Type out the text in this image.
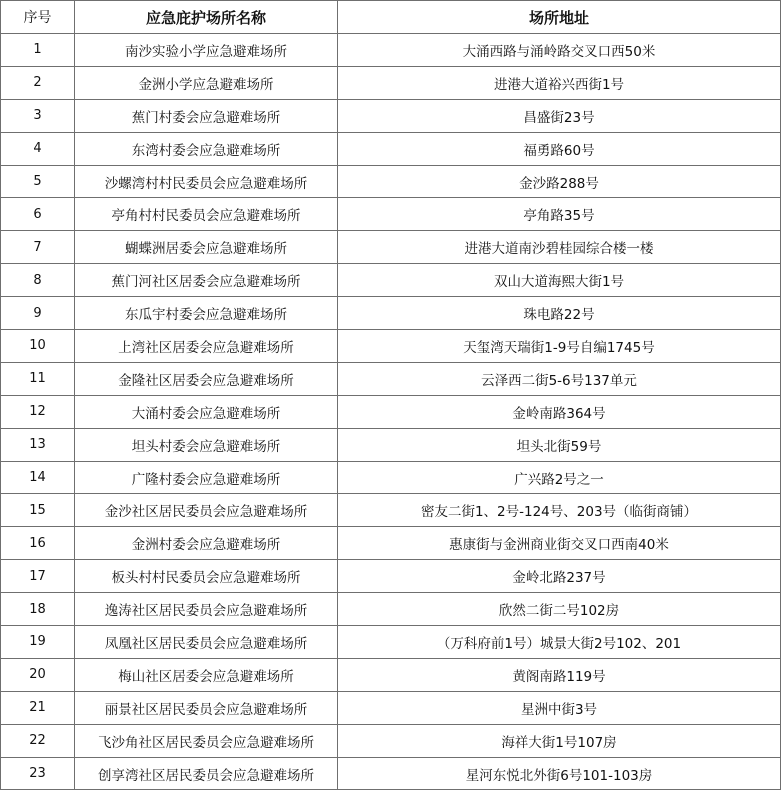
序号	应急庇护场所名称	场所地址
1	南沙实验小学应急避难场所	大涌西路与涌岭路交叉口西50米
2	金洲小学应急避难场所	进港大道裕兴西街1号
3	蕉门村委会应急避难场所	昌盛街23号
4	东湾村委会应急避难场所	福勇路60号
5	沙螺湾村村民委员会应急避难场所	金沙路288号
6	亭角村村民委员会应急避难场所	亭角路35号
7	蝴蝶洲居委会应急避难场所	进港大道南沙碧桂园综合楼一楼
8	蕉门河社区居委会应急避难场所	双山大道海熙大街1号
9	东瓜宇村委会应急避难场所	珠电路22号
10	上湾社区居委会应急避难场所	天玺湾天瑞街1-9号自编1745号
11	金隆社区居委会应急避难场所	云泽西二街5-6号137单元
12	大涌村委会应急避难场所	金岭南路364号
13	坦头村委会应急避难场所	坦头北街59号
14	广隆村委会应急避难场所	广兴路2号之一
15	金沙社区居民委员会应急避难场所	密友二街1、2号-124号、203号（临街商铺）
16	金洲村委会应急避难场所	惠康街与金洲商业街交叉口西南40米
17	板头村村民委员会应急避难场所	金岭北路237号
18	逸涛社区居民委员会应急避难场所	欣然二街二号102房
19	凤凰社区居民委员会应急避难场所	（万科府前1号）城景大街2号102、201
20	梅山社区居委会应急避难场所	黄阁南路119号
21	丽景社区居民委员会应急避难场所	星洲中街3号
22	飞沙角社区居民委员会应急避难场所	海祥大街1号107房
23	创享湾社区居民委员会应急避难场所	星河东悦北外街6号101-103房
